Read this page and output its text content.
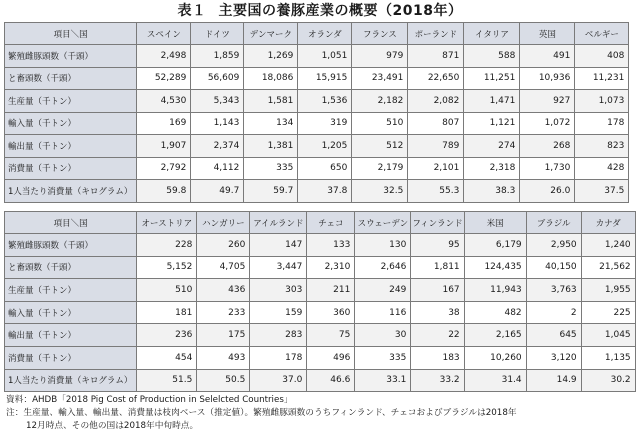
表１ 主要国の養豚産業の概要（2018年）
項目＼国	スペイン	ドイツ	デンマーク	オランダ	フランス	ポーランド	イタリア	英国	ベルギー
繁殖雌豚頭数（千頭）	2,498	1,859	1,269	1,051	979	871	588	491	408
と畜頭数（千頭）	52,289	56,609	18,086	15,915	23,491	22,650	11,251	10,936	11,231
生産量（千トン）	4,530	5,343	1,581	1,536	2,182	2,082	1,471	927	1,073
輸入量（千トン）	169	1,143	134	319	510	807	1,121	1,072	178
輸出量（千トン）	1,907	2,374	1,381	1,205	512	789	274	268	823
消費量（千トン）	2,792	4,112	335	650	2,179	2,101	2,318	1,730	428
1人当たり消費量（キログラム）	59.8	49.7	59.7	37.8	32.5	55.3	38.3	26.0	37.5
項目＼国	オーストリア	ハンガリー	アイルランド	チェコ	スウェーデン	フィンランド	米国	ブラジル	カナダ
繁殖雌豚頭数（千頭）	228	260	147	133	130	95	6,179	2,950	1,240
と畜頭数（千頭）	5,152	4,705	3,447	2,310	2,646	1,811	124,435	40,150	21,562
生産量（千トン）	510	436	303	211	249	167	11,943	3,763	1,955
輸入量（千トン）	181	233	159	360	116	38	482	2	225
輸出量（千トン）	236	175	283	75	30	22	2,165	645	1,045
消費量（千トン）	454	493	178	496	335	183	10,260	3,120	1,135
1人当たり消費量（キログラム）	51.5	50.5	37.0	46.6	33.1	33.2	31.4	14.9	30.2
資料：AHDB「2018 Pig Cost of Production in Selelcted Countries」
注：生産量、輸入量、輸出量、消費量は枝肉ベース（推定値）。繁殖雌豚頭数のうちフィンランド、チェコおよびブラジルは2018年
12月時点、その他の国は2018年中旬時点。
